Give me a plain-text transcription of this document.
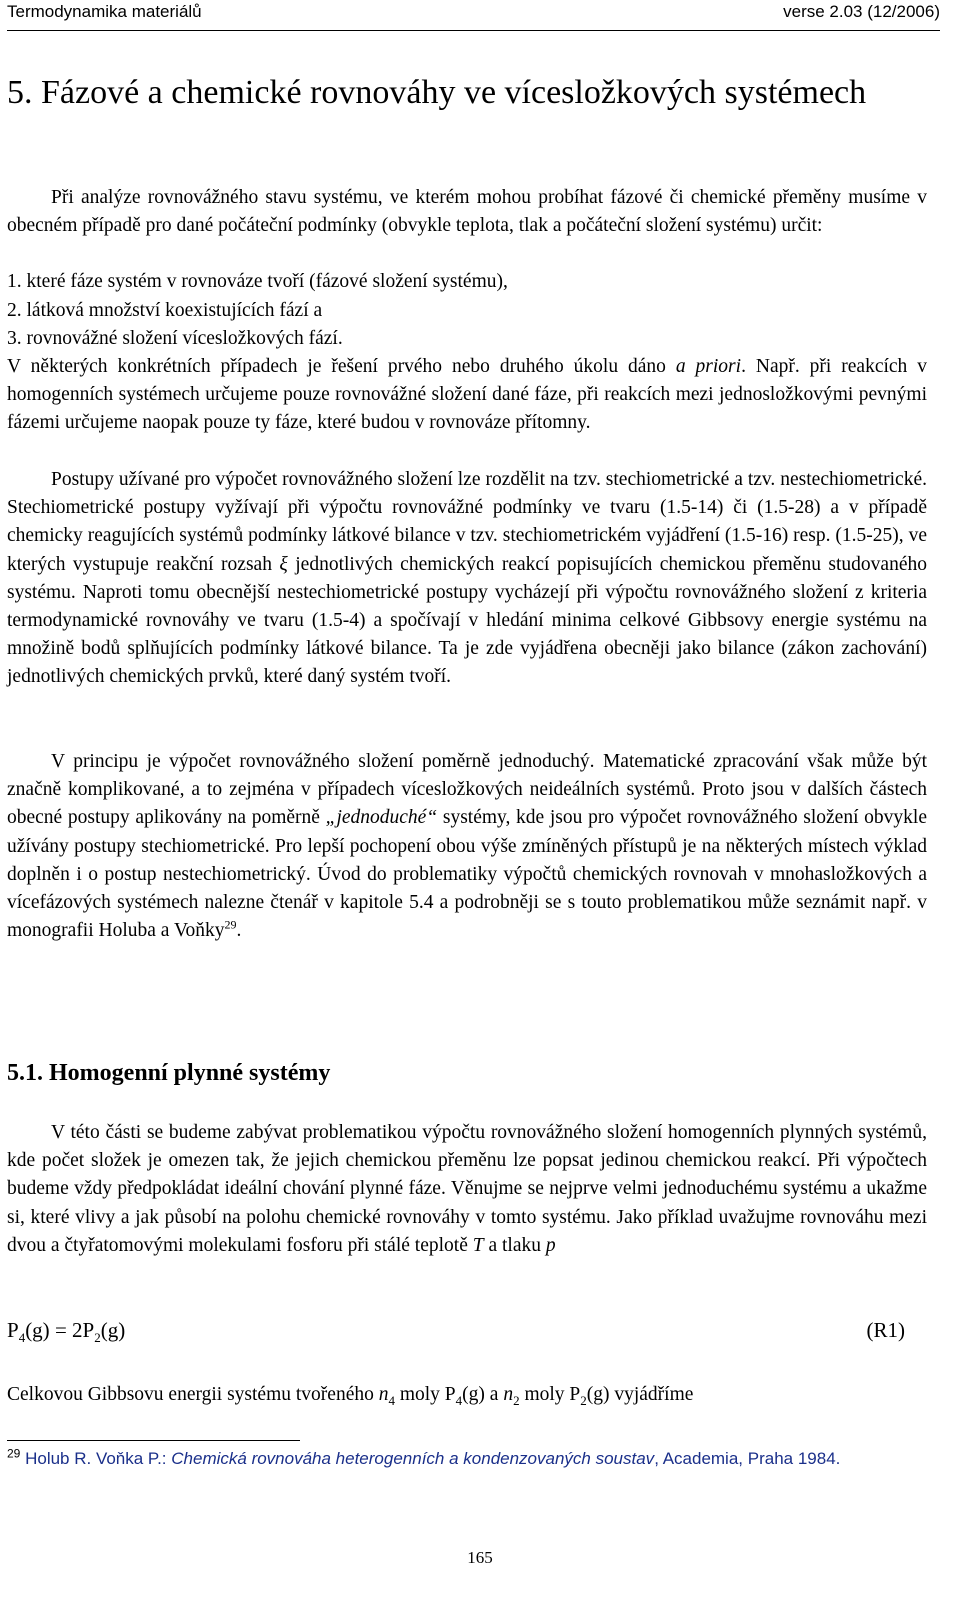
Termodynamika materiálů	verse 2.03 (12/2006)
5. Fázové a chemické rovnováhy ve vícesložkových systémech
Při analýze rovnovážného stavu systému, ve kterém mohou probíhat fázové či chemické přeměny musíme v obecném případě pro dané počáteční podmínky (obvykle teplota, tlak a počáteční složení systému) určit:
1. které fáze systém v rovnováze tvoří (fázové složení systému),
2. látková množství koexistujících fází a
3. rovnovážné složení vícesložkových fází.
V některých konkrétních případech je řešení prvého nebo druhého úkolu dáno a priori. Např. při reakcích v homogenních systémech určujeme pouze rovnovážné složení dané fáze, při reakcích mezi jednosložkovými pevnými fázemi určujeme naopak pouze ty fáze, které budou v rovnováze přítomny.
Postupy užívané pro výpočet rovnovážného složení lze rozdělit na tzv. stechiometrické a tzv. nestechiometrické. Stechiometrické postupy vyžívají při výpočtu rovnovážné podmínky ve tvaru (1.5-14) či (1.5-28) a v případě chemicky reagujících systémů podmínky látkové bilance v tzv. stechiometrickém vyjádření (1.5-16) resp. (1.5-25), ve kterých vystupuje reakční rozsah ξ jednotlivých chemických reakcí popisujících chemickou přeměnu studovaného systému. Naproti tomu obecnější nestechiometrické postupy vycházejí při výpočtu rovnovážného složení z kriteria termodynamické rovnováhy ve tvaru (1.5-4) a spočívají v hledání minima celkové Gibbsovy energie systému na množině bodů splňujících podmínky látkové bilance. Ta je zde vyjádřena obecněji jako bilance (zákon zachování) jednotlivých chemických prvků, které daný systém tvoří.
V principu je výpočet rovnovážného složení poměrně jednoduchý. Matematické zpracování však může být značně komplikované, a to zejména v případech vícesložkových neideálních systémů. Proto jsou v dalších částech obecné postupy aplikovány na poměrně „jednoduché“ systémy, kde jsou pro výpočet rovnovážného složení obvykle užívány postupy stechiometrické. Pro lepší pochopení obou výše zmíněných přístupů je na některých místech výklad doplněn i o postup nestechiometrický. Úvod do problematiky výpočtů chemických rovnovah v mnohasložkových a vícefázových systémech nalezne čtenář v kapitole 5.4 a podrobněji se s touto problematikou může seznámit např. v monografii Holuba a Voňky$^{29}$.
V této části se budeme zabývat problematikou výpočtu rovnovážného složení homogenních plynných systémů, kde počet složek je omezen tak, že jejich chemickou přeměnu lze popsat jedinou chemickou reakcí. Při výpočtech budeme vždy předpokládat ideální chování plynné fáze. Věnujme se nejprve velmi jednoduchému systému a ukažme si, které vlivy a jak působí na polohu chemické rovnováhy v tomto systému. Jako příklad uvažujme rovnováhu mezi dvou a čtyřatomovými molekulami fosforu při stálé teplotě T a tlaku p
Celkovou Gibbsovu energii systému tvořeného $n_4$ moly $P_4(g)$ a $n_2$ moly $P_2(g)$ vyjádříme
5.1. Homogenní plynné systémy
$P_4(g) = 2P_2(g)$	(R1)
$^{29}$ Holub R. Voňka P.: Chemická rovnováha heterogenních a kondenzovaných soustav, Academia, Praha 1984.
165
